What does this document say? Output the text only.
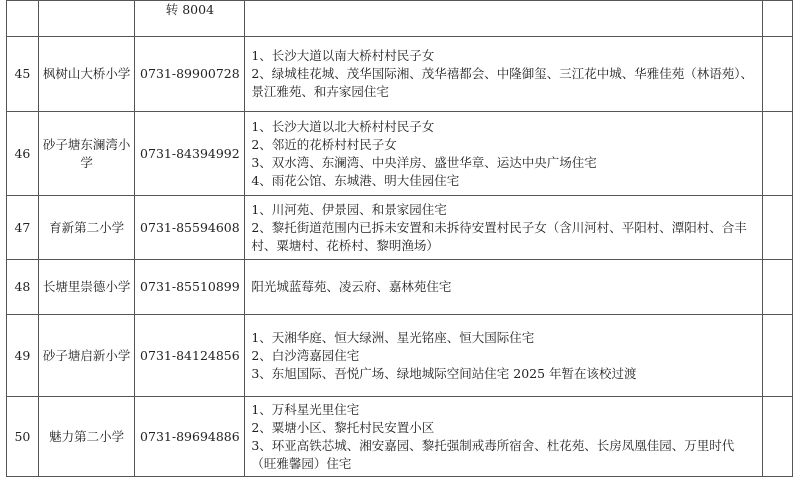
		转 8004		
45	枫树山大桥小学	0731-89900728	1、长沙大道以南大桥村村民子女
2、绿城桂花城、茂华国际湘、茂华禧都会、中隆御玺、三江花中城、华雅佳苑（林语苑）、景江雅苑、和卉家园住宅	

46	砂子塘东澜湾小学	0731-84394992	1、长沙大道以北大桥村村民子女
2、邻近的花桥村村民子女
3、双水湾、东澜湾、中央洋房、盛世华章、运达中央广场住宅
4、雨花公馆、东城港、明大佳园住宅	

47	育新第二小学	0731-85594608	1、川河苑、伊景园、和景家园住宅
2、黎托街道范围内已拆未安置和未拆待安置村民子女（含川河村、平阳村、潭阳村、合丰村、粟塘村、花桥村、黎明渔场）	

48	长塘里崇德小学	0731-85510899	阳光城蓝莓苑、凌云府、嘉林苑住宅	

49	砂子塘启新小学	0731-84124856	1、天湘华庭、恒大绿洲、星光铭座、恒大国际住宅
2、白沙湾嘉园住宅
3、东旭国际、吾悦广场、绿地城际空间站住宅 2025 年暂在该校过渡	

50	魅力第二小学	0731-89694886	1、万科星光里住宅
2、粟塘小区、黎托村民安置小区
3、环亚高铁芯城、湘安嘉园、黎托强制戒毒所宿舍、杜花苑、长房凤凰佳园、万里时代（旺雅馨园）住宅	
